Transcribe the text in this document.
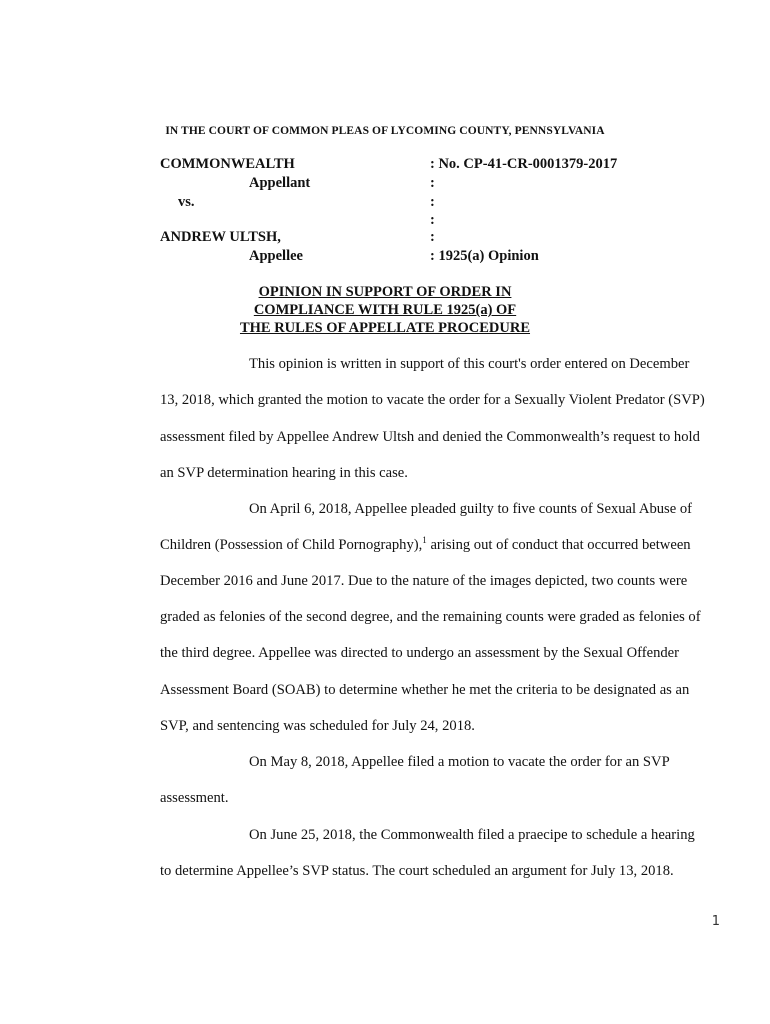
IN THE COURT OF COMMON PLEAS OF LYCOMING COUNTY, PENNSYLVANIA
COMMONWEALTH
Appellant
vs.
ANDREW ULTSH,
Appellee
: No. CP-41-CR-0001379-2017
:
:
:
:
: 1925(a) Opinion
OPINION IN SUPPORT OF ORDER IN
COMPLIANCE WITH RULE 1925(a) OF
THE RULES OF APPELLATE PROCEDURE
This opinion is written in support of this court's order entered on December
13, 2018, which granted the motion to vacate the order for a Sexually Violent Predator (SVP)
assessment filed by Appellee Andrew Ultsh and denied the Commonwealth’s request to hold
an SVP determination hearing in this case.
On April 6, 2018, Appellee pleaded guilty to five counts of Sexual Abuse of
Children (Possession of Child Pornography),$^1$ arising out of conduct that occurred between
December 2016 and June 2017. Due to the nature of the images depicted, two counts were
graded as felonies of the second degree, and the remaining counts were graded as felonies of
the third degree. Appellee was directed to undergo an assessment by the Sexual Offender
Assessment Board (SOAB) to determine whether he met the criteria to be designated as an
SVP, and sentencing was scheduled for July 24, 2018.
On May 8, 2018, Appellee filed a motion to vacate the order for an SVP
assessment.
On June 25, 2018, the Commonwealth filed a praecipe to schedule a hearing
to determine Appellee’s SVP status. The court scheduled an argument for July 13, 2018.
1
